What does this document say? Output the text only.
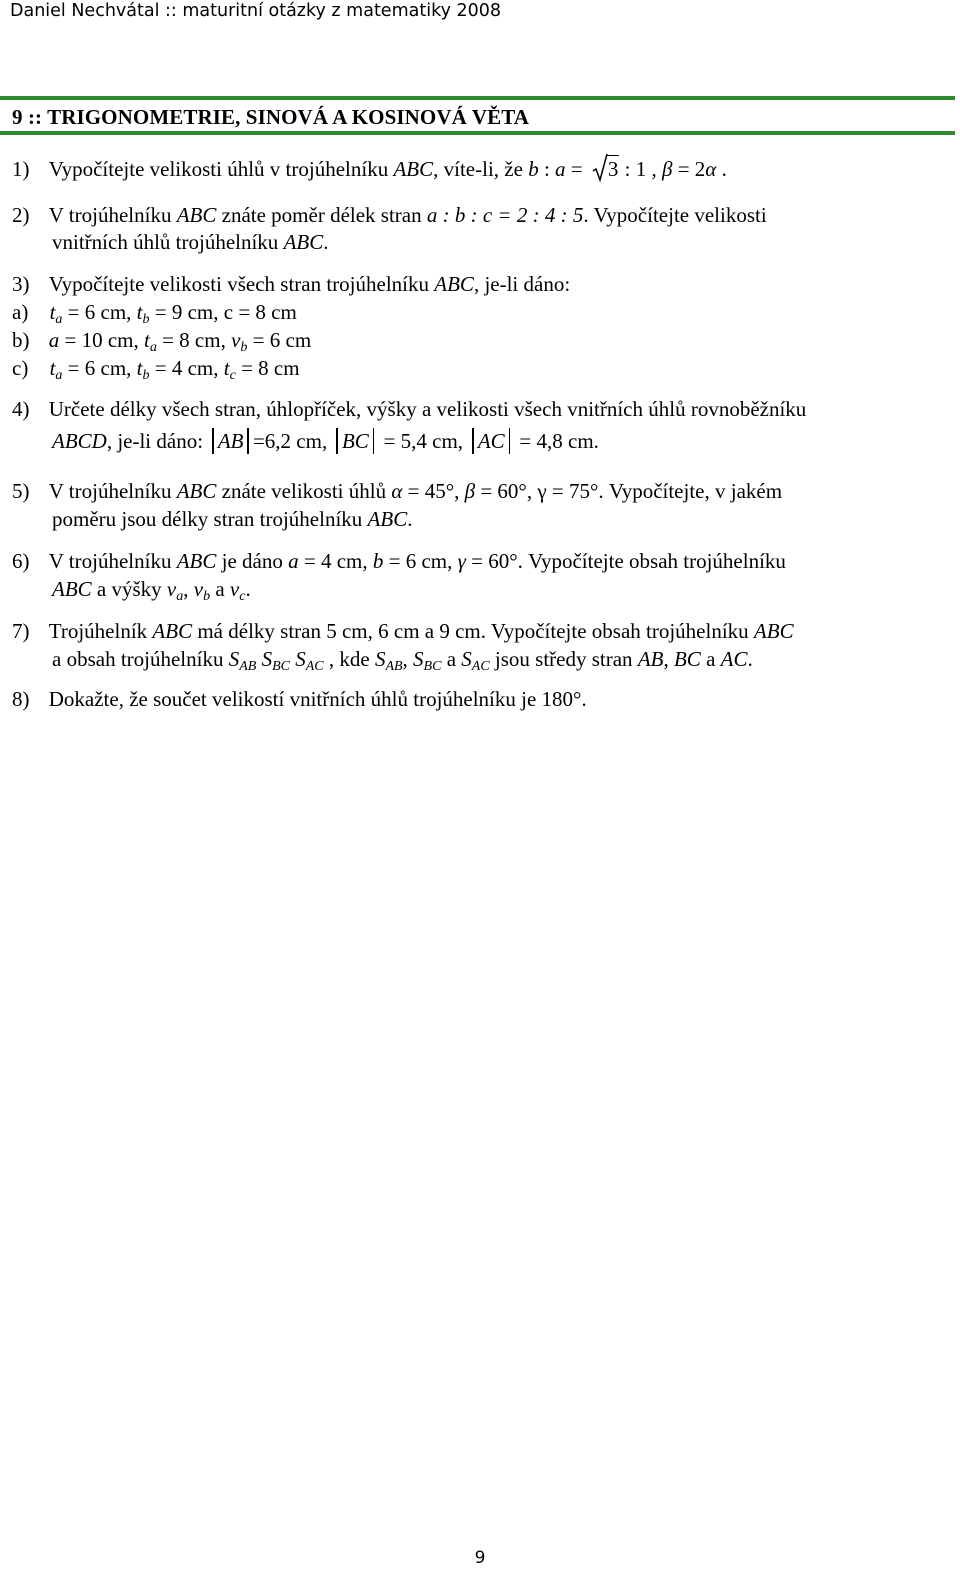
Daniel Nechvátal :: maturitní otázky z matematiky 2008
9 :: TRIGONOMETRIE, SINOVÁ A KOSINOVÁ VĚTA
1) Vypočítejte velikosti úhlů v trojúhelníku ABC, víte-li, že b : a =
3 : 1 , β = 2α .
2) V trojúhelníku ABC znáte poměr délek stran a : b : c = 2 : 4 : 5. Vypočítejte velikosti
vnitřních úhlů trojúhelníku ABC.
3) Vypočítejte velikosti všech stran trojúhelníku ABC, je-li dáno:
a) $t_a = 6$ cm, $t_b = 9$ cm, c = 8 cm
b) a = 10 cm, $t_a = 8$ cm, $v_b = 6$ cm
c) $t_a = 6$ cm, $t_b = 4$ cm, $t_c = 8$ cm
4) Určete délky všech stran, úhlopříček, výšky a velikosti všech vnitřních úhlů rovnoběžníku
ABCD, je-li dáno: AB =6,2 cm, BC = 5,4 cm, AC = 4,8 cm.
5) V trojúhelníku ABC znáte velikosti úhlů α = 45°, β = 60°, γ = 75°. Vypočítejte, v jakém
poměru jsou délky stran trojúhelníku ABC.
6) V trojúhelníku ABC je dáno a = 4 cm, b = 6 cm, γ = 60°. Vypočítejte obsah trojúhelníku
ABC a výšky $v_a$, $v_b$ a $v_c$.
7) Trojúhelník ABC má délky stran 5 cm, 6 cm a 9 cm. Vypočítejte obsah trojúhelníku ABC
a obsah trojúhelníku $S_{AB}$ $S_{BC}$ $S_{AC}$ , kde $S_{AB}$, $S_{BC}$ a $S_{AC}$ jsou středy stran AB, BC a AC.
8) Dokažte, že součet velikostí vnitřních úhlů trojúhelníku je 180°.
9
